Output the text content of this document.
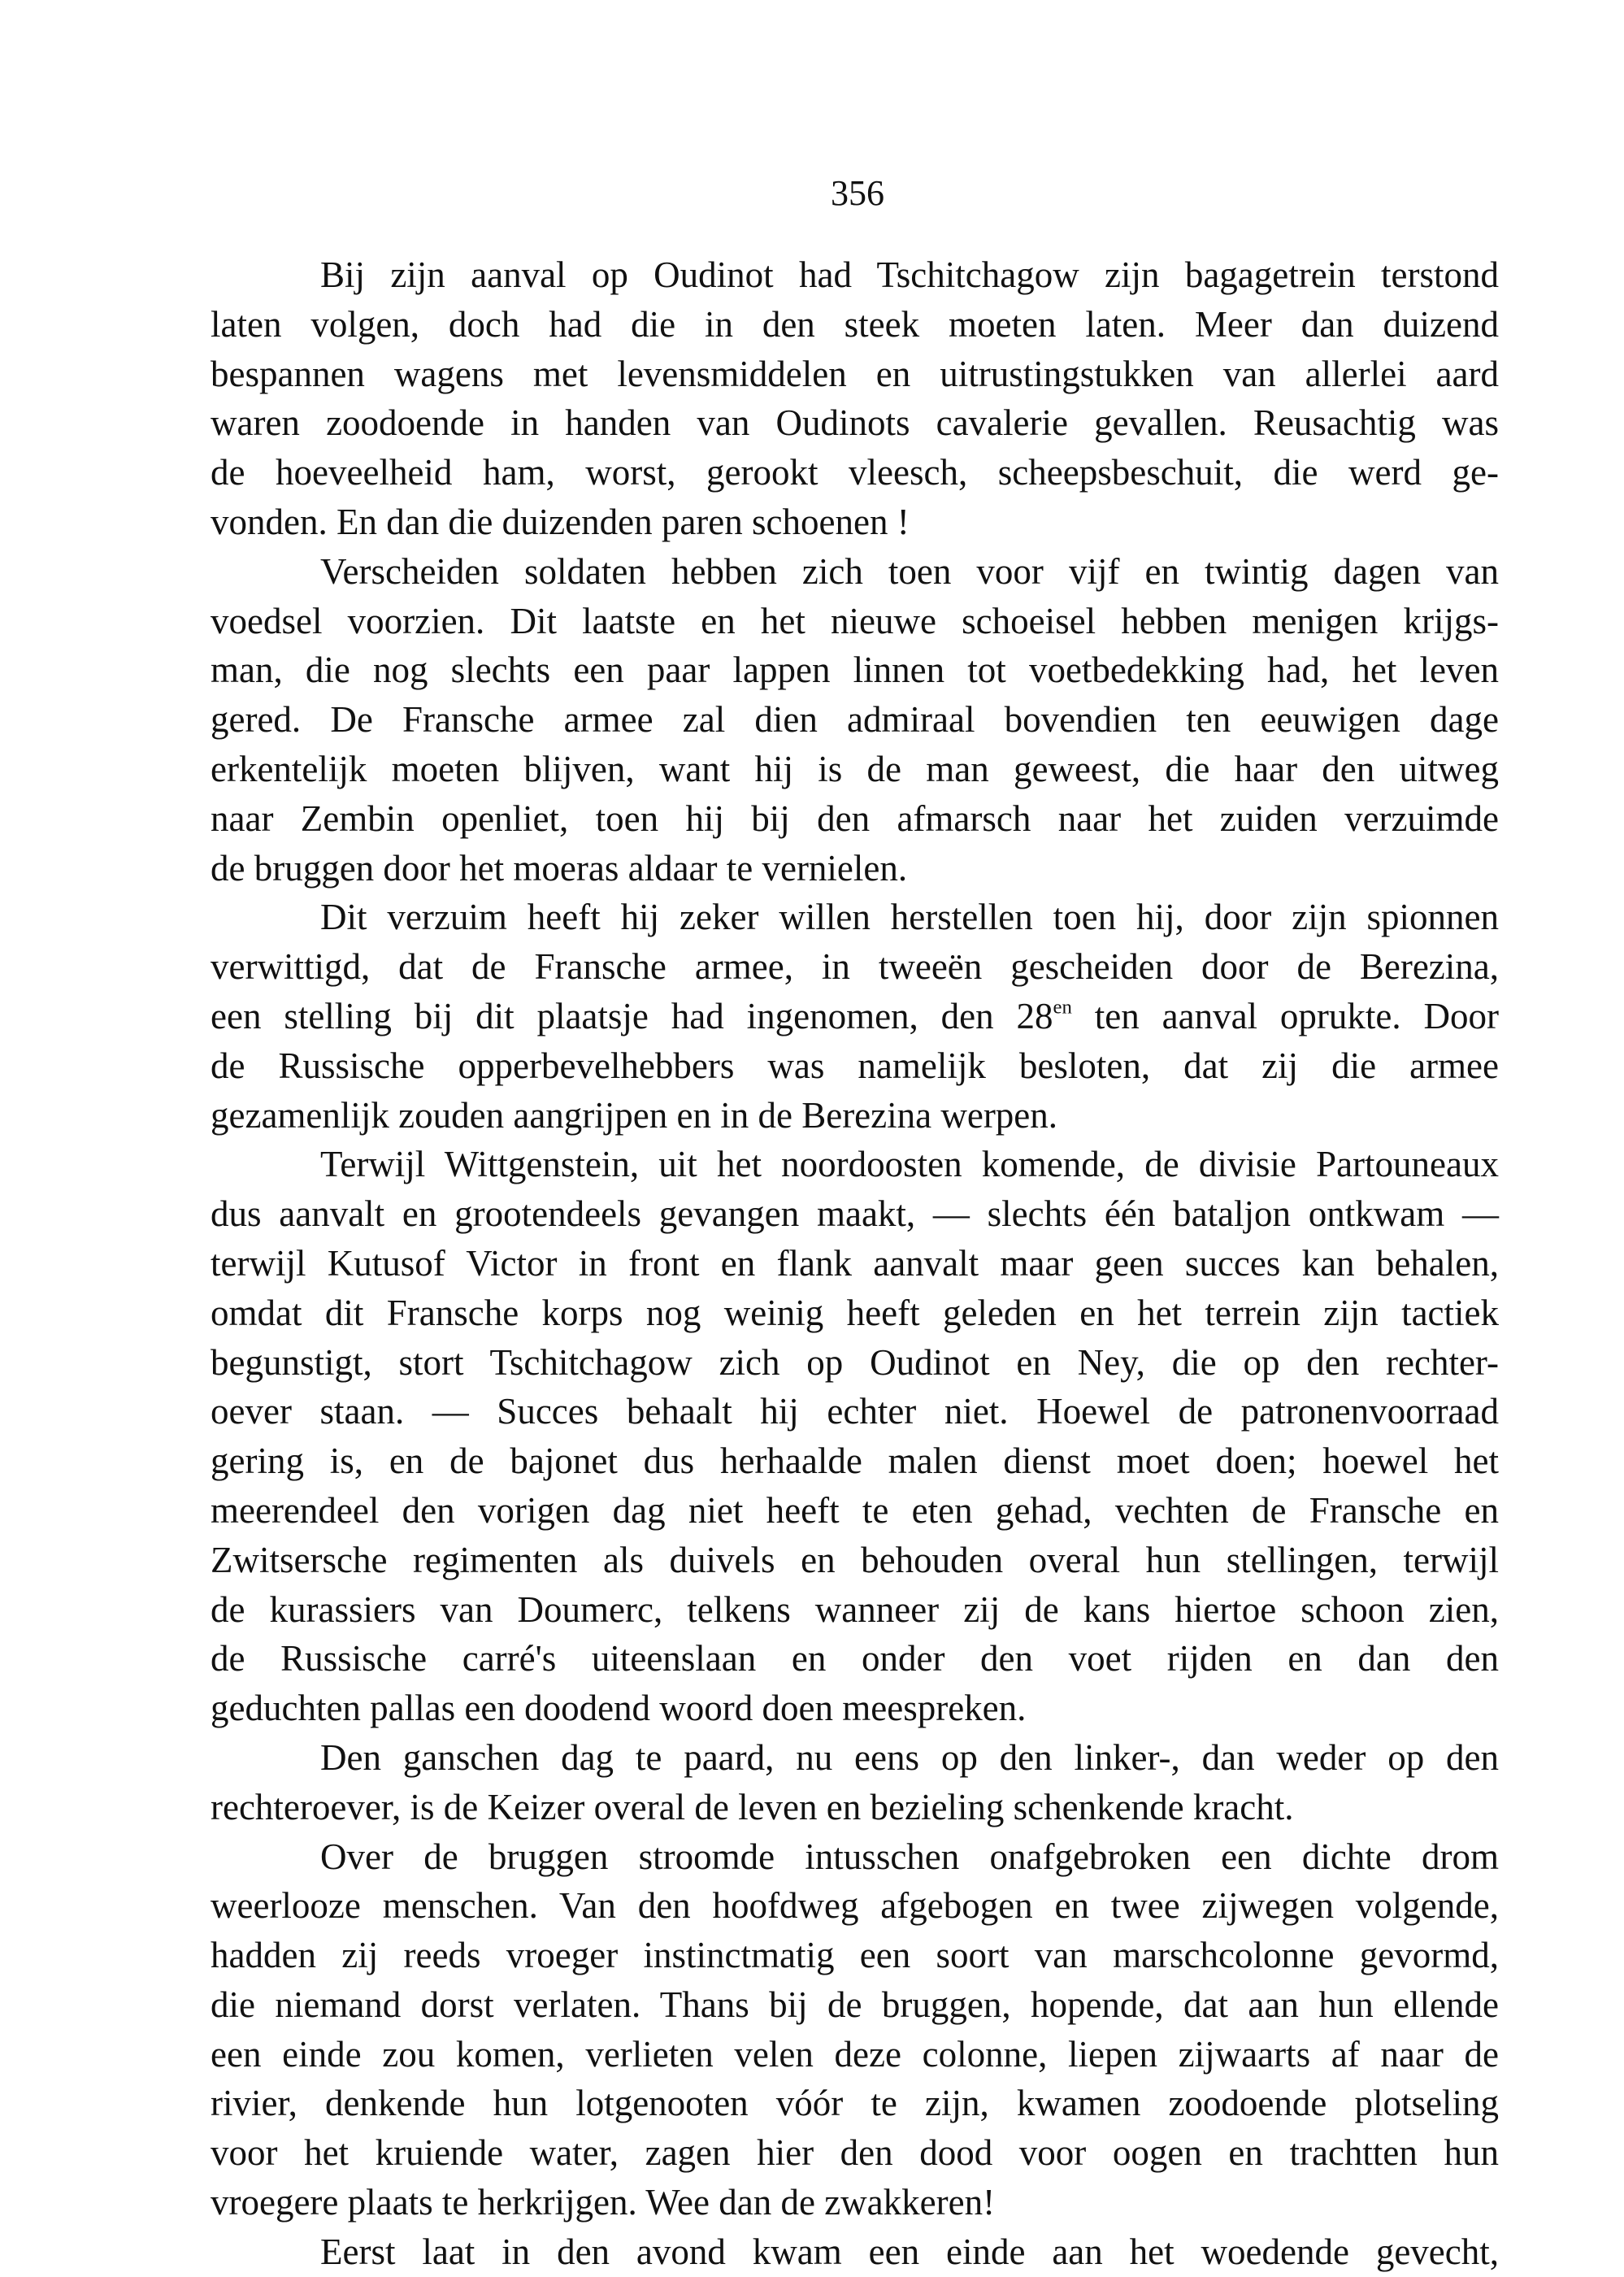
356
Bij zijn aanval op Oudinot had Tschitchagow zijn bagagetrein terstond
laten volgen, doch had die in den steek moeten laten. Meer dan duizend
bespannen wagens met levensmiddelen en uitrustingstukken van allerlei aard
waren zoodoende in handen van Oudinots cavalerie gevallen. Reusachtig was
de hoeveelheid ham, worst, gerookt vleesch, scheepsbeschuit, die werd ge-
vonden. En dan die duizenden paren schoenen !
Verscheiden soldaten hebben zich toen voor vijf en twintig dagen van
voedsel voorzien. Dit laatste en het nieuwe schoeisel hebben menigen krijgs-
man, die nog slechts een paar lappen linnen tot voetbedekking had, het leven
gered. De Fransche armee zal dien admiraal bovendien ten eeuwigen dage
erkentelijk moeten blijven, want hij is de man geweest, die haar den uitweg
naar Zembin openliet, toen hij bij den afmarsch naar het zuiden verzuimde
de bruggen door het moeras aldaar te vernielen.
Dit verzuim heeft hij zeker willen herstellen toen hij, door zijn spionnen
verwittigd, dat de Fransche armee, in tweeën gescheiden door de Berezina,
een stelling bij dit plaatsje had ingenomen, den $28^{en}$ ten aanval oprukte. Door
de Russische opperbevelhebbers was namelijk besloten, dat zij die armee
gezamenlijk zouden aangrijpen en in de Berezina werpen.
Terwijl Wittgenstein, uit het noordoosten komende, de divisie Partouneaux
dus aanvalt en grootendeels gevangen maakt, — slechts één bataljon ontkwam —
terwijl Kutusof Victor in front en flank aanvalt maar geen succes kan behalen,
omdat dit Fransche korps nog weinig heeft geleden en het terrein zijn tactiek
begunstigt, stort Tschitchagow zich op Oudinot en Ney, die op den rechter-
oever staan. — Succes behaalt hij echter niet. Hoewel de patronenvoorraad
gering is, en de bajonet dus herhaalde malen dienst moet doen; hoewel het
meerendeel den vorigen dag niet heeft te eten gehad, vechten de Fransche en
Zwitsersche regimenten als duivels en behouden overal hun stellingen, terwijl
de kurassiers van Doumerc, telkens wanneer zij de kans hiertoe schoon zien,
de Russische carré's uiteenslaan en onder den voet rijden en dan den
geduchten pallas een doodend woord doen meespreken.
Den ganschen dag te paard, nu eens op den linker-, dan weder op den
rechteroever, is de Keizer overal de leven en bezieling schenkende kracht.
Over de bruggen stroomde intusschen onafgebroken een dichte drom
weerlooze menschen. Van den hoofdweg afgebogen en twee zijwegen volgende,
hadden zij reeds vroeger instinctmatig een soort van marschcolonne gevormd,
die niemand dorst verlaten. Thans bij de bruggen, hopende, dat aan hun ellende
een einde zou komen, verlieten velen deze colonne, liepen zijwaarts af naar de
rivier, denkende hun lotgenooten vóór te zijn, kwamen zoodoende plotseling
voor het kruiende water, zagen hier den dood voor oogen en trachtten hun
vroegere plaats te herkrijgen. Wee dan de zwakkeren!
Eerst laat in den avond kwam een einde aan het woedende gevecht,
